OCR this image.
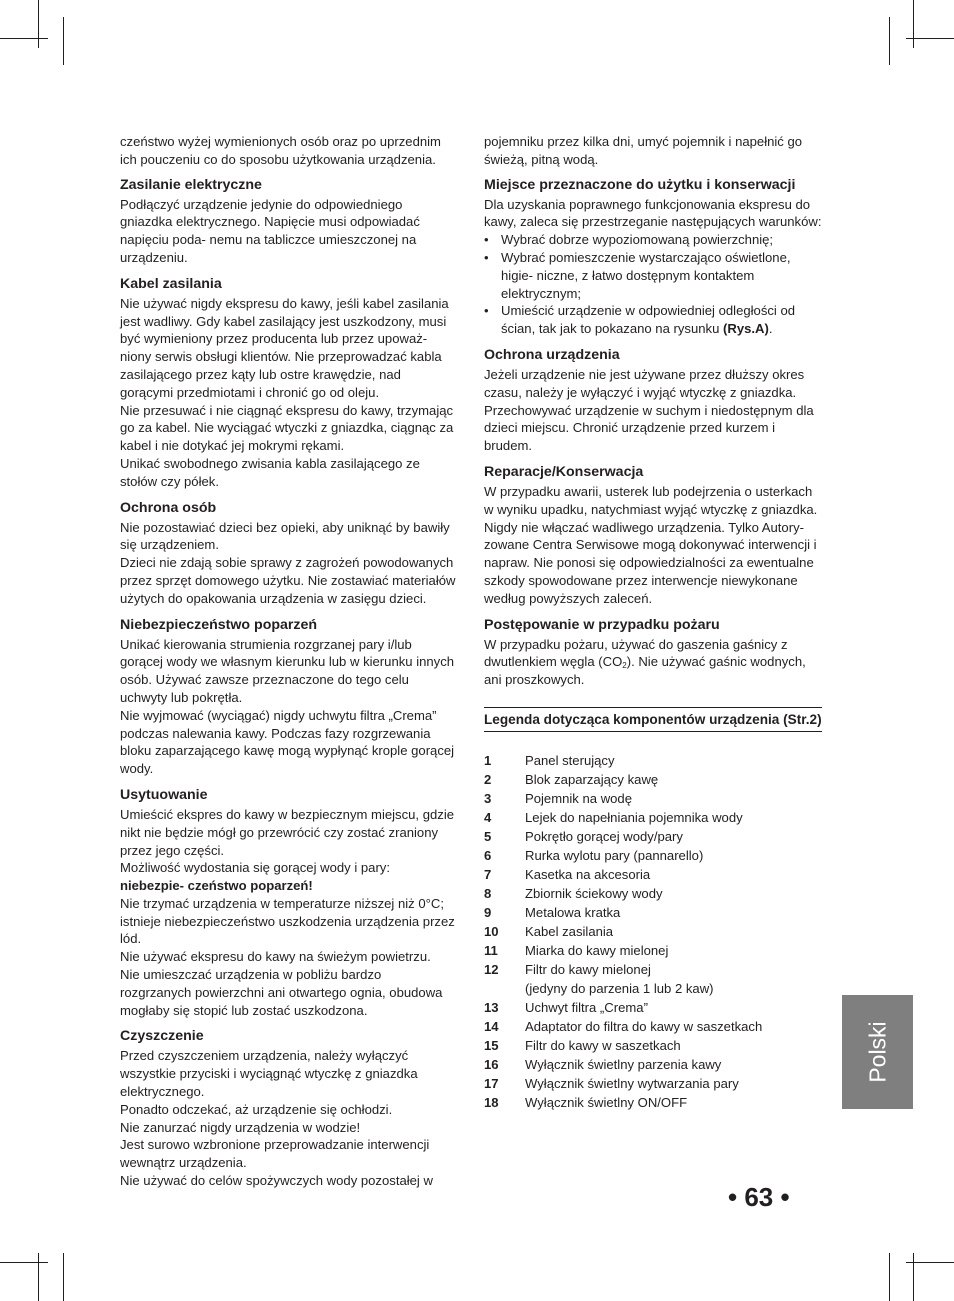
czeństwo wyżej wymienionych osób oraz po uprzednim ich pouczeniu co do sposobu użytkowania urządzenia.

Zasilanie elektryczne

Podłączyć urządzenie jedynie do odpowiedniego gniazdka elektrycznego. Napięcie musi odpowiadać napięciu poda- nemu na tabliczce umieszczonej na urządzeniu.

Kabel zasilania

Nie używać nigdy ekspresu do kawy, jeśli kabel zasilania jest wadliwy. Gdy kabel zasilający jest uszkodzony, musi być wymieniony przez producenta lub przez upoważ- niony serwis obsługi klientów. Nie przeprowadzać kabla zasilającego przez kąty lub ostre krawędzie, nad gorącymi przedmiotami i chronić go od oleju.

Nie przesuwać i nie ciągnąć ekspresu do kawy, trzymając go za kabel. Nie wyciągać wtyczki z gniazdka, ciągnąc za kabel i nie dotykać jej mokrymi rękami.

Unikać swobodnego zwisania kabla zasilającego ze stołów czy półek.

Ochrona osób

Nie pozostawiać dzieci bez opieki, aby uniknąć by bawiły się urządzeniem.

Dzieci nie zdają sobie sprawy z zagrożeń powodowanych przez sprzęt domowego użytku. Nie zostawiać materiałów użytych do opakowania urządzenia w zasięgu dzieci.

Niebezpieczeństwo poparzeń

Unikać kierowania strumienia rozgrzanej pary i/lub gorącej wody we własnym kierunku lub w kierunku innych osób. Używać zawsze przeznaczone do tego celu uchwyty lub pokrętła.

Nie wyjmować (wyciągać) nigdy uchwytu filtra „Crema” podczas nalewania kawy. Podczas fazy rozgrzewania bloku zaparzającego kawę mogą wypłynąć krople gorącej wody.

Usytuowanie

Umieścić ekspres do kawy w bezpiecznym miejscu, gdzie nikt nie będzie mógł go przewrócić czy zostać zraniony przez jego części.

Możliwość wydostania się gorącej wody i pary: niebezpie- czeństwo poparzeń!

Nie trzymać urządzenia w temperaturze niższej niż 0°C; istnieje niebezpieczeństwo uszkodzenia urządzenia przez lód.

Nie używać ekspresu do kawy na świeżym powietrzu.

Nie umieszczać urządzenia w pobliżu bardzo rozgrzanych powierzchni ani otwartego ognia, obudowa mogłaby się stopić lub zostać uszkodzona.

Czyszczenie

Przed czyszczeniem urządzenia, należy wyłączyć wszystkie przyciski i wyciągnąć wtyczkę z gniazdka elektrycznego.

Ponadto odczekać, aż urządzenie się ochłodzi.

Nie zanurzać nigdy urządzenia w wodzie!

Jest surowo wzbronione przeprowadzanie interwencji wewnątrz urządzenia.

Nie używać do celów spożywczych wody pozostałej w

pojemniku przez kilka dni, umyć pojemnik i napełnić go świeżą, pitną wodą.

Miejsce przeznaczone do użytku i konserwacji

Dla uzyskania poprawnego funkcjonowania ekspresu do kawy, zaleca się przestrzeganie następujących warunków:

• Wybrać dobrze wypoziomowaną powierzchnię;
• Wybrać pomieszczenie wystarczająco oświetlone, higie- niczne, z łatwo dostępnym kontaktem elektrycznym;
• Umieścić urządzenie w odpowiedniej odległości od ścian, tak jak to pokazano na rysunku (Rys.A).
Ochrona urządzenia

Jeżeli urządzenie nie jest używane przez dłuższy okres czasu, należy je wyłączyć i wyjąć wtyczkę z gniazdka. Przechowywać urządzenie w suchym i niedostępnym dla dzieci miejscu. Chronić urządzenie przed kurzem i brudem.

Reparacje/Konserwacja

W przypadku awarii, usterek lub podejrzenia o usterkach w wyniku upadku, natychmiast wyjąć wtyczkę z gniazdka. Nigdy nie włączać wadliwego urządzenia. Tylko Autory- zowane Centra Serwisowe mogą dokonywać interwencji i napraw. Nie ponosi się odpowiedzialności za ewentualne szkody spowodowane przez interwencje niewykonane według powyższych zaleceń.

Postępowanie w przypadku pożaru

W przypadku pożaru, używać do gaszenia gaśnicy z dwutlenkiem węgla $(CO_2)$. Nie używać gaśnic wodnych, ani proszkowych.

Legenda dotycząca komponentów urządzenia (Str.2)
1	Panel sterujący
2	Blok zaparzający kawę
3	Pojemnik na wodę
4	Lejek do napełniania pojemnika wody
5	Pokrętło gorącej wody/pary
6	Rurka wylotu pary (pannarello)
7	Kasetka na akcesoria
8	Zbiornik ściekowy wody
9	Metalowa kratka
10	Kabel zasilania
11	Miarka do kawy mielonej
12	Filtr do kawy mielonej
(jedyny do parzenia 1 lub 2 kaw)
13	Uchwyt filtra „Crema”
14	Adaptator do filtra do kawy w saszetkach
15	Filtr do kawy w saszetkach
16	Wyłącznik świetlny parzenia kawy
17	Wyłącznik świetlny wytwarzania pary
18	Wyłącznik świetlny ON/OFF
Polski
• 63 •
